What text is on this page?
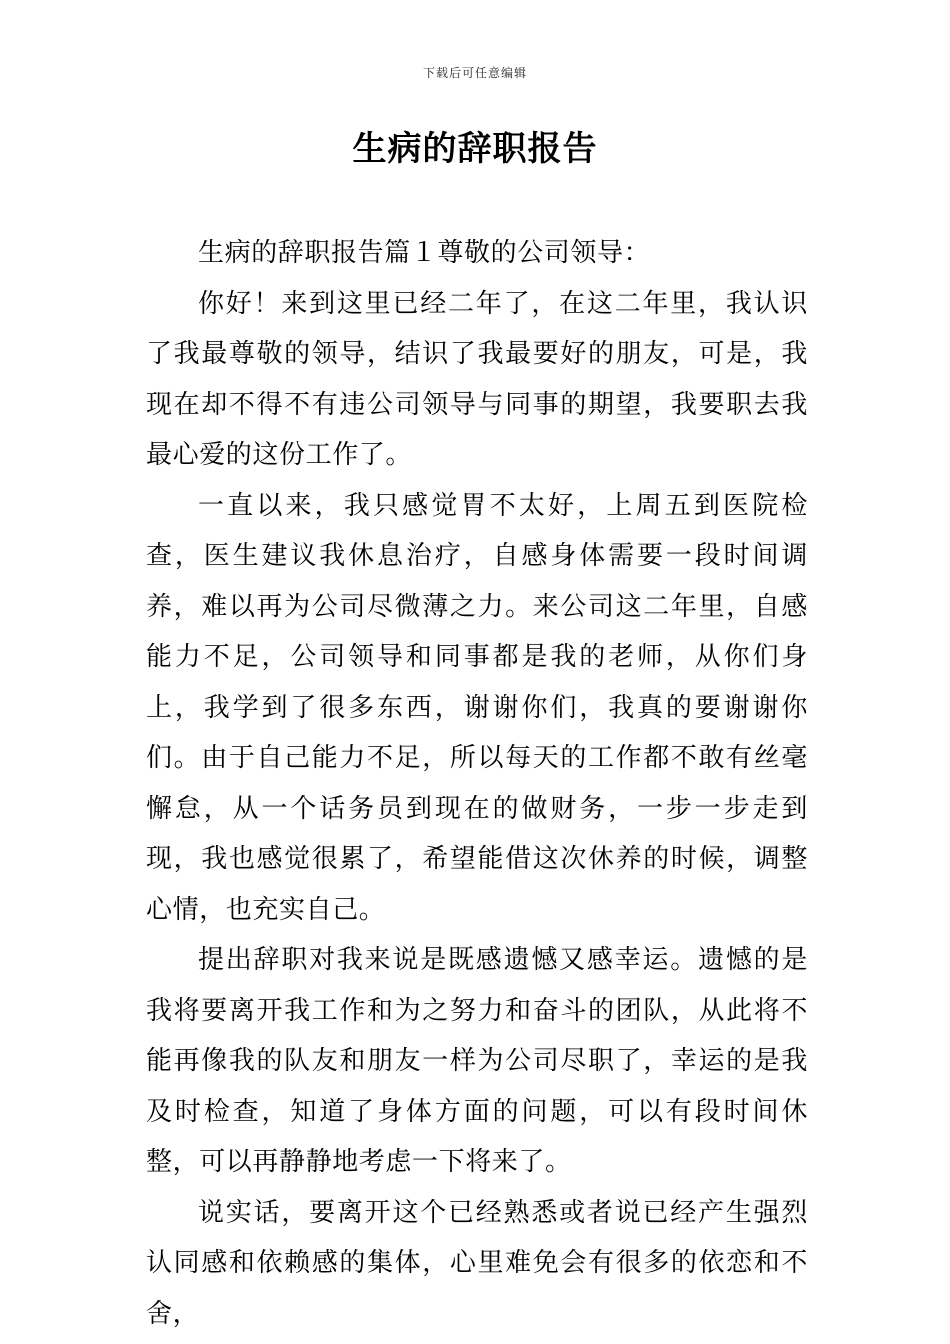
下载后可任意编辑
生病的辞职报告

生病的辞职报告篇１尊敬的公司领导：

你好！来到这里已经二年了，在这二年里，我认识了我最尊敬的领导，结识了我最要好的朋友，可是，我现在却不得不有违公司领导与同事的期望，我要职去我最心爱的这份工作了。

一直以来，我只感觉胃不太好，上周五到医院检查，医生建议我休息治疗，自感身体需要一段时间调养，难以再为公司尽微薄之力。来公司这二年里，自感能力不足，公司领导和同事都是我的老师，从你们身上，我学到了很多东西，谢谢你们，我真的要谢谢你们。由于自己能力不足，所以每天的工作都不敢有丝毫懈怠，从一个话务员到现在的做财务，一步一步走到现，我也感觉很累了，希望能借这次休养的时候，调整心情，也充实自己。

提出辞职对我来说是既感遗憾又感幸运。遗憾的是我将要离开我工作和为之努力和奋斗的团队，从此将不能再像我的队友和朋友一样为公司尽职了，幸运的是我及时检查，知道了身体方面的问题，可以有段时间休整，可以再静静地考虑一下将来了。

说实话，要离开这个已经熟悉或者说已经产生强烈认同感和依赖感的集体，心里难免会有很多的依恋和不舍，
